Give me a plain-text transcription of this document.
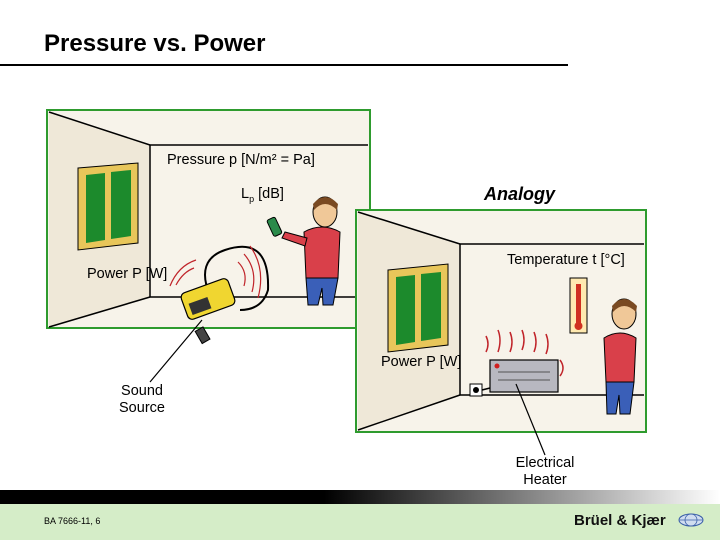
Pressure vs. Power
Pressure p [N/m² = Pa]
$L_p$ [dB]
Power P [W]
Sound
Source
Analogy
Temperature t [°C]
Power P [W]
Electrical
Heater
BA 7666-11, 6	Brüel & Kjær
